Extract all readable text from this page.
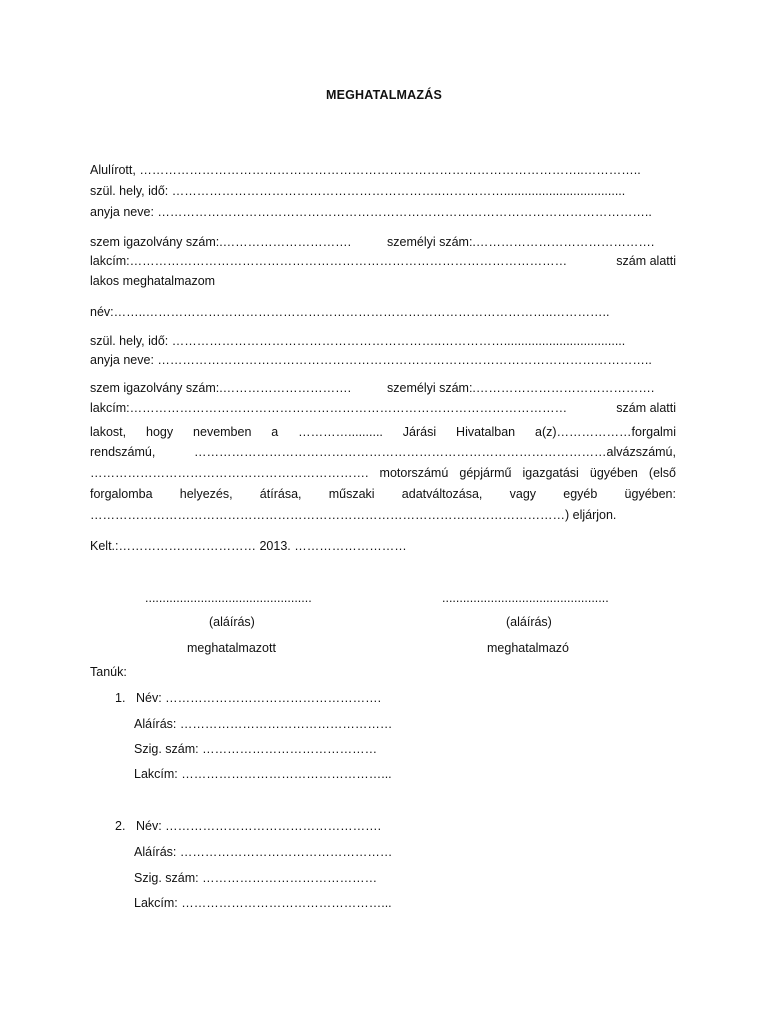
MEGHATALMAZÁS
Alulírott, ……………………………………………………………………………………………..…………..
szül. hely, idő: ………………………………………………………..……………...................................
anyja neve: ………………………………………………………………………………………………………..
szem igazolvány szám:.………………………….	személyi szám:.…………………………………….
lakcím:……………………………………………………………………………………………	szám alatti
lakos meghatalmazom
név:……..……………………………………………………………………………………..…………..
szül. hely, idő: ………………………………………………………..……………...................................
anyja neve: ………………………………………………………………………………………………………..
szem igazolvány szám:.………………………….	személyi szám:.…………………………………….
lakcím:……………………………………………………………………………………………	szám alatti
lakost, hogy nevemben a ………….......... Járási Hivatalban a(z)………………forgalmi
rendszámú, ………………………………………………………………………………………alvázszámú,
…………………………………………………………. motorszámú gépjármű igazgatási ügyében (első
forgalomba helyezés, átírása, műszaki adatváltozása, vagy egyéb ügyében:
……………………………………………………………………………………………………) eljárjon.
Kelt.:…………………………… 2013. ………………………
................................................	................................................
(aláírás)	(aláírás)
meghatalmazott	meghatalmazó
Tanúk:
1. Név: …………………………………………….
Aláírás: ……………………………………………
Szig. szám: ……………………………………
Lakcím: …………………………………………...
2. Név: …………………………………………….
Aláírás: ……………………………………………
Szig. szám: ……………………………………
Lakcím: …………………………………………...
